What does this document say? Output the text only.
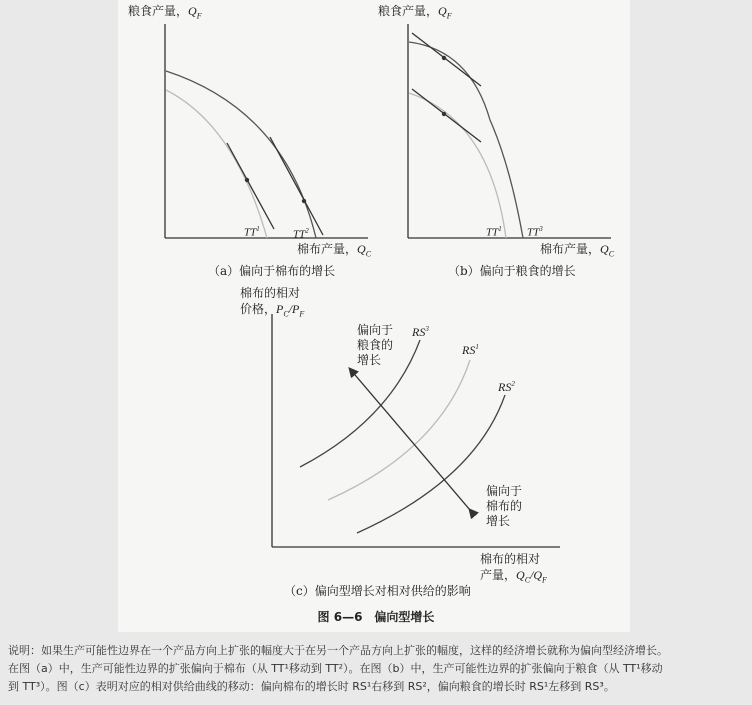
粮食产量，$Q_F$
棉布产量，$Q_C$
$TT^1$	$TT^2$
（a）偏向于棉布的增长
粮食产量，$Q_F$
棉布产量，$Q_C$
$TT^1$ $TT^3$
（b）偏向于粮食的增长
棉布的相对
价格，$P_C/P_F$
棉布的相对
产量，$Q_C/Q_F$
$RS^3$
$RS^1$
$RS^2$
偏向于
粮食的
增长
偏向于
棉布的
增长
（c）偏向型增长对相对供给的影响
图 6—6　偏向型增长
说明：如果生产可能性边界在一个产品方向上扩张的幅度大于在另一个产品方向上扩张的幅度，这样的经济增长就称为偏向型经济增长。
在图（a）中，生产可能性边界的扩张偏向于棉布（从 TT¹移动到 TT²）。在图（b）中，生产可能性边界的扩张偏向于粮食（从 TT¹移动
到 TT³）。图（c）表明对应的相对供给曲线的移动：偏向棉布的增长时 RS¹右移到 RS²，偏向粮食的增长时 RS¹左移到 RS³。
